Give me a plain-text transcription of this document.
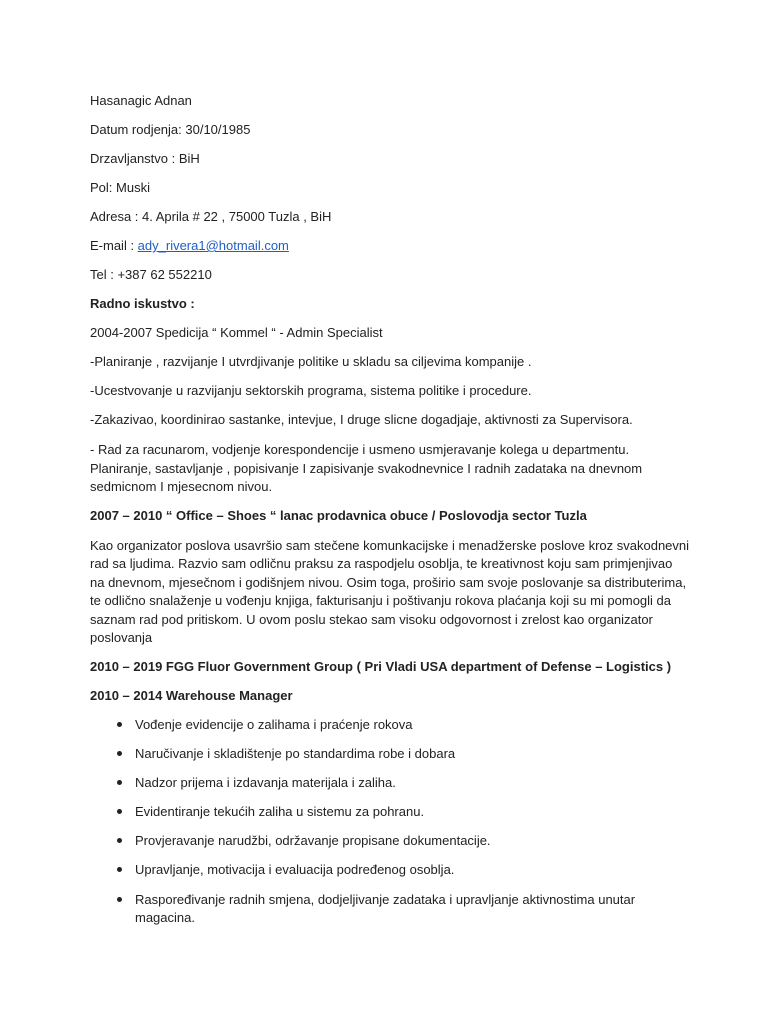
Hasanagic Adnan
Datum rodjenja: 30/10/1985
Drzavljanstvo : BiH
Pol: Muski
Adresa : 4. Aprila # 22 , 75000 Tuzla , BiH
E-mail : ady_rivera1@hotmail.com
Tel : +387 62 552210
Radno iskustvo :
2004-2007 Spedicija “ Kommel “ - Admin Specialist
-Planiranje , razvijanje I utvrdjivanje politike u skladu sa ciljevima kompanije .
-Ucestvovanje u razvijanju sektorskih programa, sistema politike i procedure.
-Zakazivao, koordinirao sastanke, intevjue, I druge slicne dogadjaje, aktivnosti za Supervisora.
- Rad za racunarom, vodjenje korespondencije i usmeno usmjeravanje kolega u departmentu. Planiranje, sastavljanje , popisivanje I zapisivanje svakodnevnice I radnih zadataka na dnevnom sedmicnom I mjesecnom nivou.
2007 – 2010 “ Office – Shoes “ lanac prodavnica obuce / Poslovodja sector Tuzla
Kao organizator poslova usavršio sam stečene komunkacijske i menadžerske poslove kroz svakodnevni rad sa ljudima. Razvio sam odličnu praksu za raspodjelu osoblja, te kreativnost koju sam primjenjivao na dnevnom, mjesečnom i godišnjem nivou. Osim toga, proširio sam svoje poslovanje sa distributerima, te odlično snalaženje u vođenju knjiga, fakturisanju i poštivanju rokova plaćanja koji su mi pomogli da saznam rad pod pritiskom. U ovom poslu stekao sam visoku odgovornost i zrelost kao organizator poslovanja
2010 – 2019 FGG Fluor Government Group ( Pri Vladi USA department of Defense – Logistics )
2010 – 2014 Warehouse Manager
Vođenje evidencije o zalihama i praćenje rokova
Naručivanje i skladištenje po standardima robe i dobara
Nadzor prijema i izdavanja materijala i zaliha.
Evidentiranje tekućih zaliha u sistemu za pohranu.
Provjeravanje narudžbi, održavanje propisane dokumentacije.
Upravljanje, motivacija i evaluacija podređenog osoblja.
Raspoređivanje radnih smjena, dodjeljivanje zadataka i upravljanje aktivnostima unutar magacina.
